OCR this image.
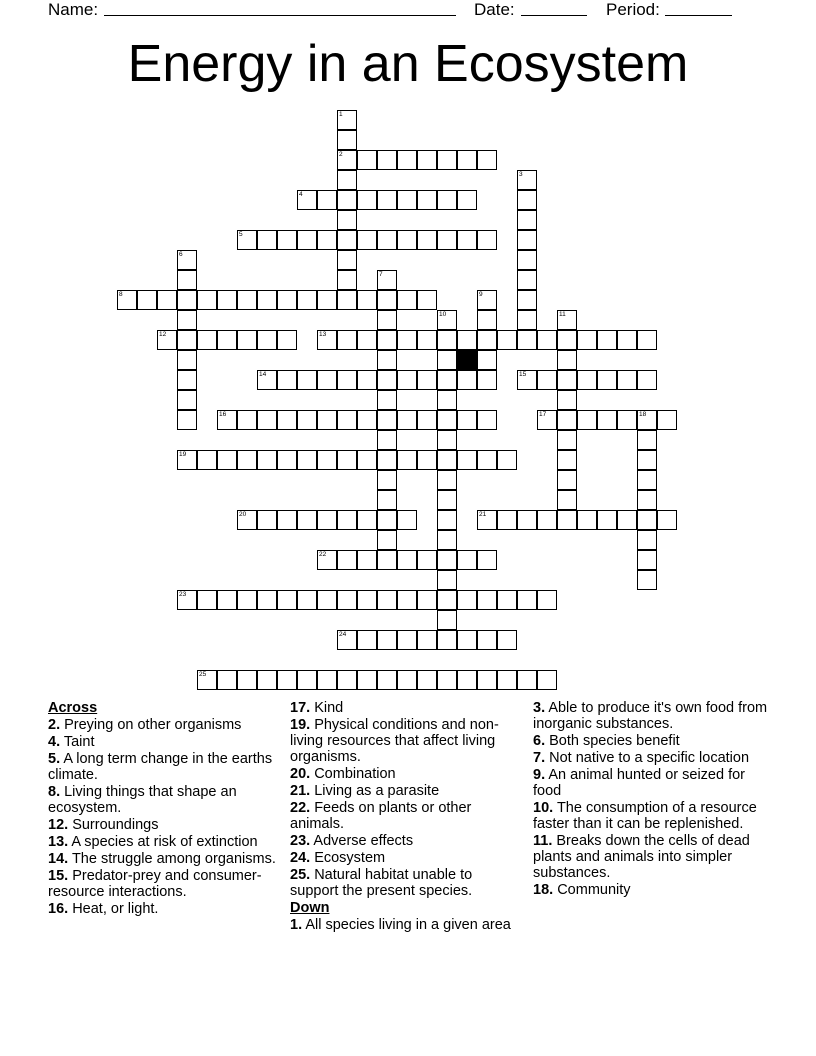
Name:	Date:	Period:
Energy in an Ecosystem
1
2
3
4
5
6
7
8	9
10	11
12	13
14	15
16	17	18
19
20	21
22
23
24
25
Across
2. Preying on other organisms
4. Taint
5. A long term change in the earths climate.
8. Living things that shape an ecosystem.
12. Surroundings
13. A species at risk of extinction
14. The struggle among organisms.
15. Predator-prey and consumer-resource interactions.
16. Heat, or light.
17. Kind
19. Physical conditions and non-living resources that affect living organisms.
20. Combination
21. Living as a parasite
22. Feeds on plants or other animals.
23. Adverse effects
24. Ecosystem
25. Natural habitat unable to support the present species.
Down
1. All species living in a given area
3. Able to produce it's own food from inorganic substances.
6. Both species benefit
7. Not native to a specific location
9. An animal hunted or seized for food
10. The consumption of a resource faster than it can be replenished.
11. Breaks down the cells of dead plants and animals into simpler substances.
18. Community
